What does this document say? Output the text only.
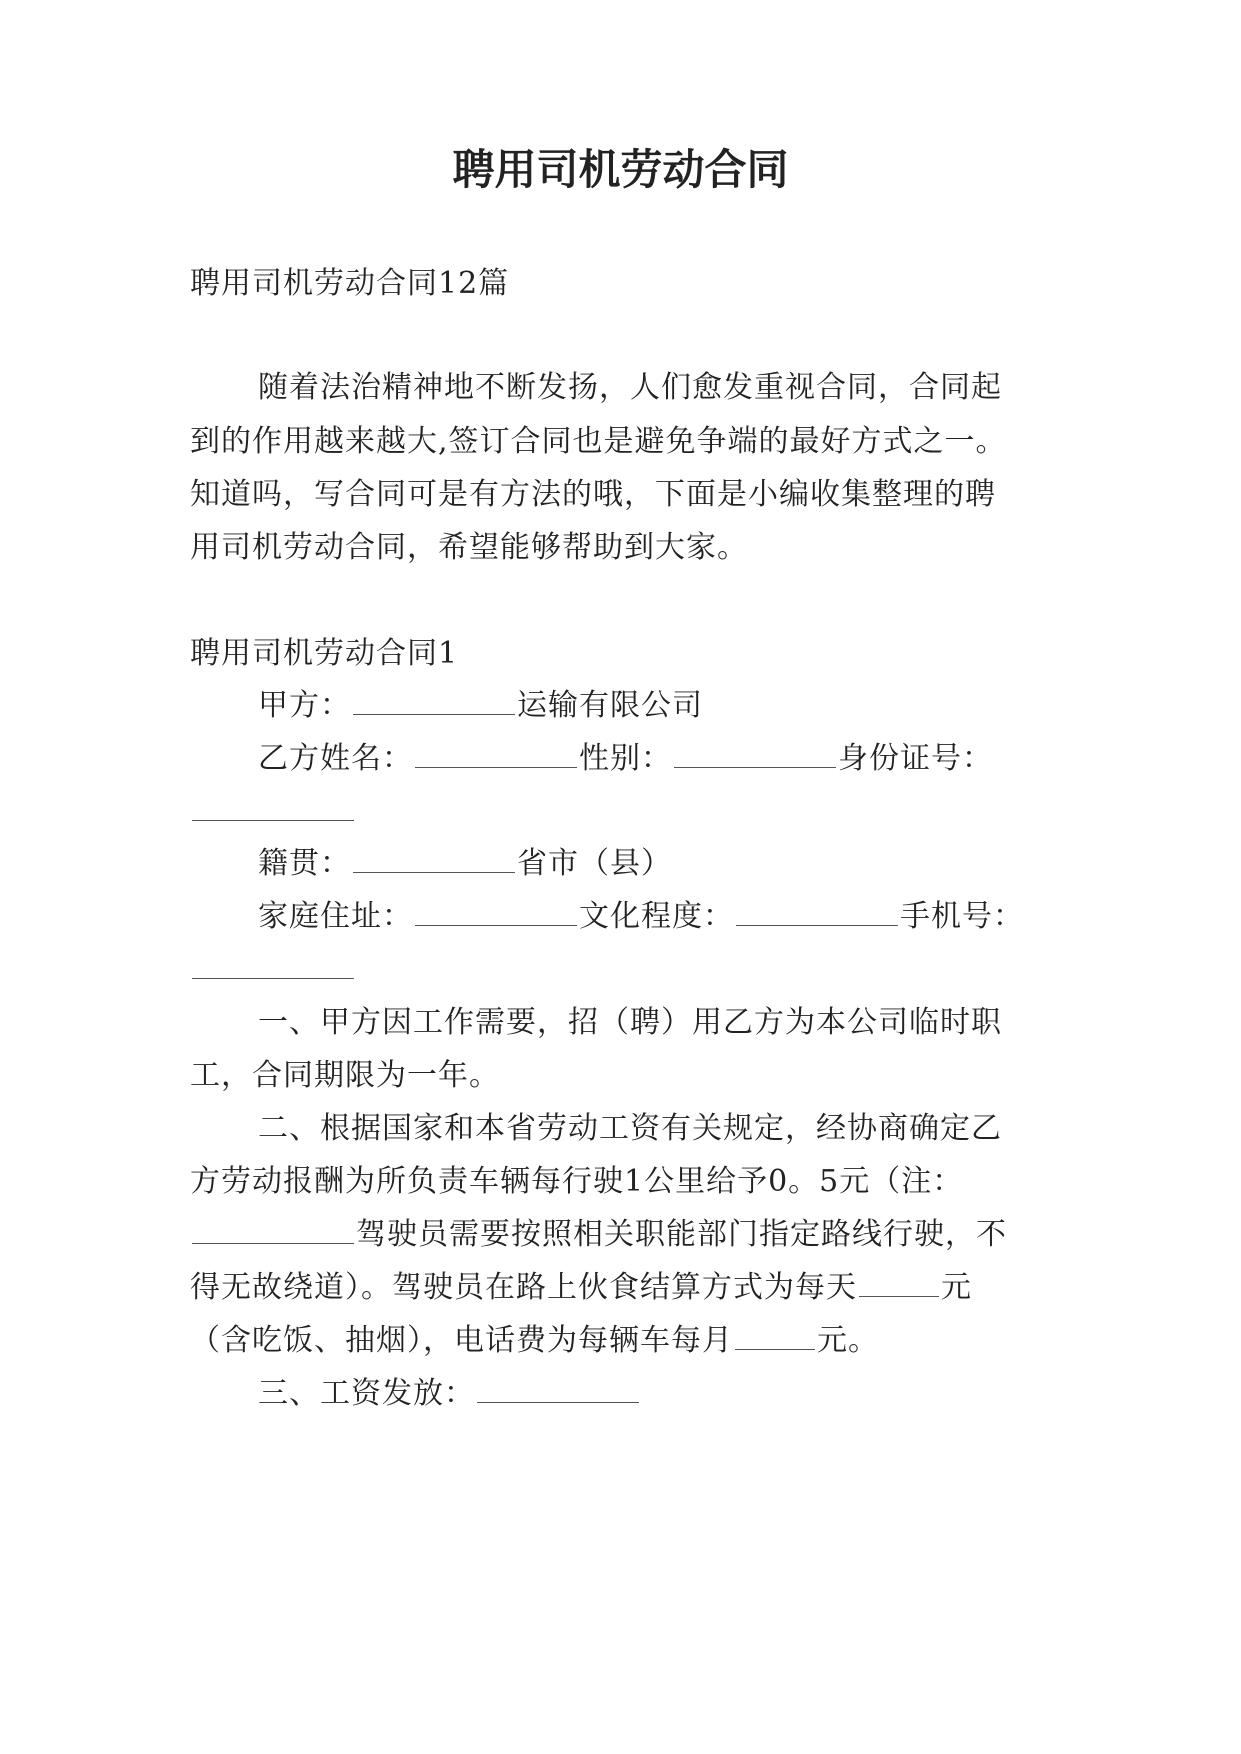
聘用司机劳动合同
聘用司机劳动合同12篇
随着法治精神地不断发扬，人们愈发重视合同，合同起
到的作用越来越大,签订合同也是避免争端的最好方式之一。
知道吗，写合同可是有方法的哦，下面是小编收集整理的聘
用司机劳动合同，希望能够帮助到大家。
聘用司机劳动合同1
甲方：	运输有限公司
乙方姓名：	性别：	身份证号：
籍贯：	省市（县）
家庭住址：	文化程度：	手机号：
一、甲方因工作需要，招（聘）用乙方为本公司临时职
工，合同期限为一年。
二、根据国家和本省劳动工资有关规定，经协商确定乙
方劳动报酬为所负责车辆每行驶1公里给予0。5元（注：
驾驶员需要按照相关职能部门指定路线行驶，不
得无故绕道）。驾驶员在路上伙食结算方式为每天	元
（含吃饭、抽烟），电话费为每辆车每月	元。
三、工资发放：
